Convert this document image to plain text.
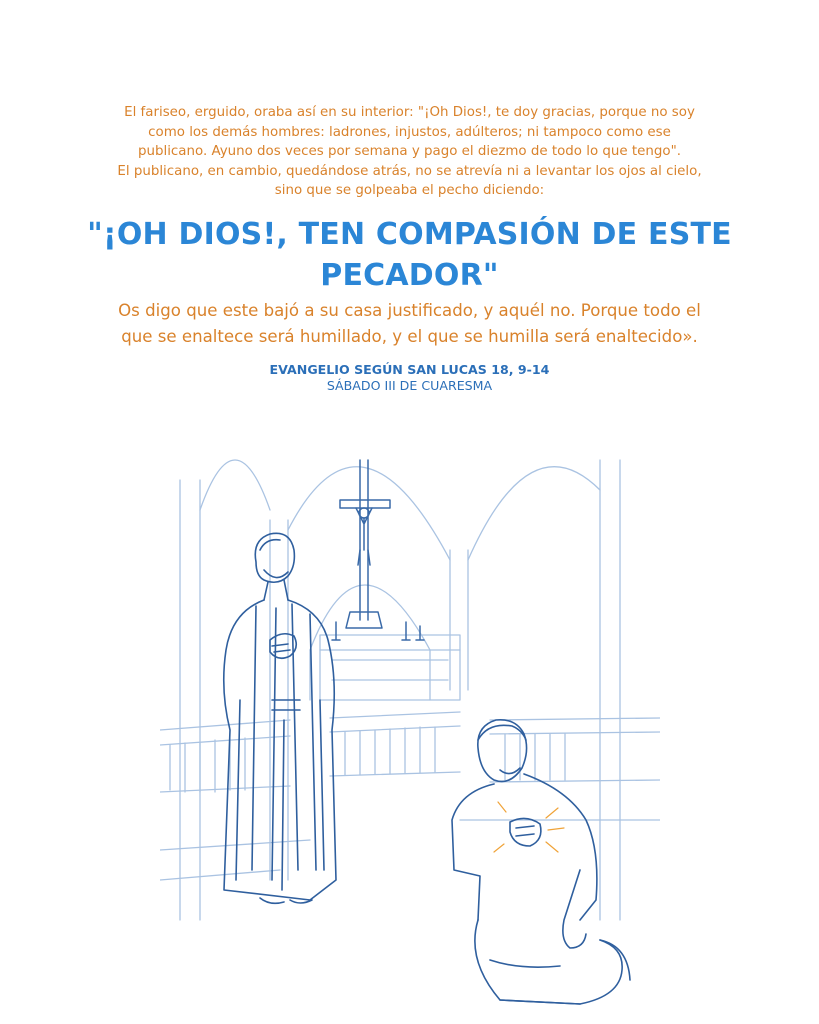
El fariseo, erguido, oraba así en su interior: "¡Oh Dios!, te doy gracias, porque no soy

como los demás hombres: ladrones, injustos, adúlteros; ni tampoco como ese

publicano. Ayuno dos veces por semana y pago el diezmo de todo lo que tengo".

El publicano, en cambio, quedándose atrás, no se atrevía ni a levantar los ojos al cielo,

sino que se golpeaba el pecho diciendo:

"¡OH DIOS!, TEN COMPASIÓN DE ESTE
PECADOR"
Os digo que este bajó a su casa justificado, y aquél no. Porque todo el
que se enaltece será humillado, y el que se humilla será enaltecido».
EVANGELIO SEGÚN SAN LUCAS 18, 9-14
SÁBADO III DE CUARESMA
